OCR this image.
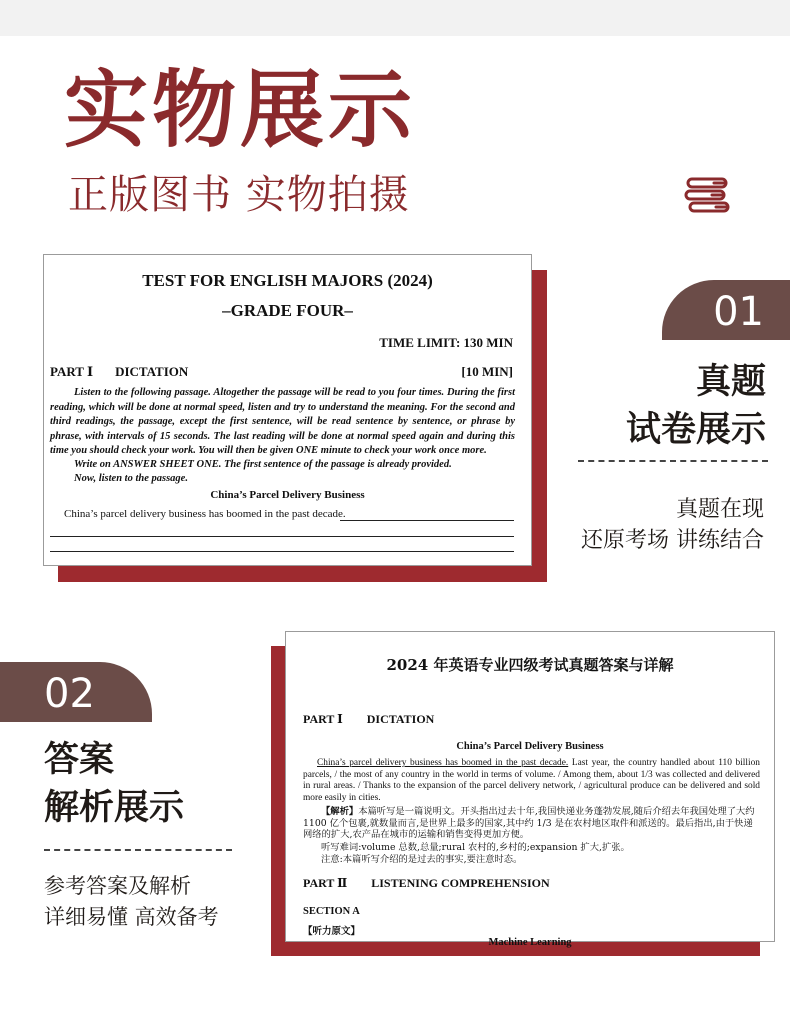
实物展示
正版图书 实物拍摄
TEST FOR ENGLISH MAJORS (2024)
–GRADE FOUR–
TIME LIMIT: 130 MIN
PART Ⅰ DICTATION	[10 MIN]

Listen to the following passage. Altogether the passage will be read to you four times. During the first reading, which will be done at normal speed, listen and try to understand the meaning. For the second and third readings, the passage, except the first sentence, will be read sentence by sentence, or phrase by phrase, with intervals of 15 seconds. The last reading will be done at normal speed again and during this time you should check your work. You will then be given ONE minute to check your work once more.

Write on ANSWER SHEET ONE. The first sentence of the passage is already provided.
Now, listen to the passage.
China’s Parcel Delivery Business
China’s parcel delivery business has boomed in the past decade.
01
真题
试卷展示
真题在现
还原考场 讲练结合
02
答案
解析展示
参考答案及解析
详细易懂 高效备考
2024 年英语专业四级考试真题答案与详解
PART Ⅰ DICTATION
China’s Parcel Delivery Business

China’s parcel delivery business has boomed in the past decade. Last year, the country handled about 110 billion parcels, / the most of any country in the world in terms of volume. / Among them, about 1/3 was collected and delivered in rural areas. / Thanks to the expansion of the parcel delivery network, / agricultural produce can be delivered and sold more easily in cities.

【解析】本篇听写是一篇说明文。开头指出过去十年,我国快递业务蓬勃发展,随后介绍去年我国处理了大约 1100 亿个包裹,就数量而言,是世界上最多的国家,其中约 1/3 是在农村地区取件和派送的。最后指出,由于快递网络的扩大,农产品在城市的运输和销售变得更加方便。

听写难词:volume 总数,总量;rural 农村的,乡村的;expansion 扩大,扩张。

注意:本篇听写介绍的是过去的事实,要注意时态。

PART Ⅱ LISTENING COMPREHENSION
SECTION A
【听力原文】
Machine Learning
